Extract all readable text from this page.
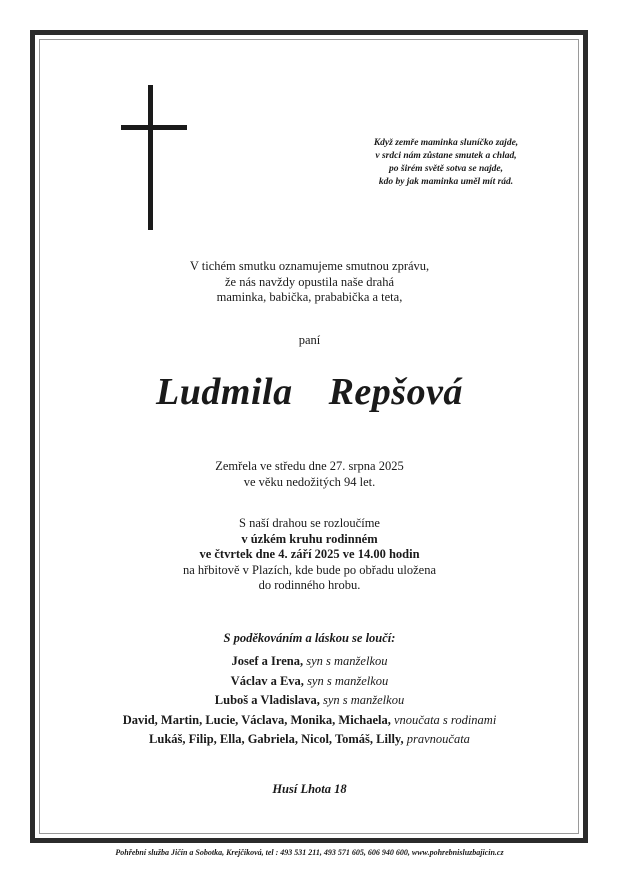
Když zemře maminka sluníčko zajde,
v srdci nám zůstane smutek a chlad,
po širém světě sotva se najde,
kdo by jak maminka uměl mít rád.
V tichém smutku oznamujeme smutnou zprávu,
že nás navždy opustila naše drahá
maminka, babička, prababička a teta,
paní
Ludmila  Repšová
Zemřela ve středu dne 27. srpna 2025
ve věku nedožitých 94 let.
S naší drahou se rozloučíme
v úzkém kruhu rodinném
ve čtvrtek dne 4. září 2025 ve 14.00 hodin
na hřbitově v Plazích, kde bude po obřadu uložena
do rodinného hrobu.
S poděkováním a láskou se loučí:
Josef a Irena, syn s manželkou
Václav a Eva, syn s manželkou
Luboš a Vladislava, syn s manželkou
David, Martin, Lucie, Václava, Monika, Michaela, vnoučata s rodinami
Lukáš, Filip, Ella, Gabriela, Nicol, Tomáš, Lilly, pravnoučata
Husí Lhota 18
Pohřební služba Jičín a Sobotka, Krejčíková, tel : 493 531 211, 493 571 605, 606 940 600, www.pohrebnisluzbajicin.cz
